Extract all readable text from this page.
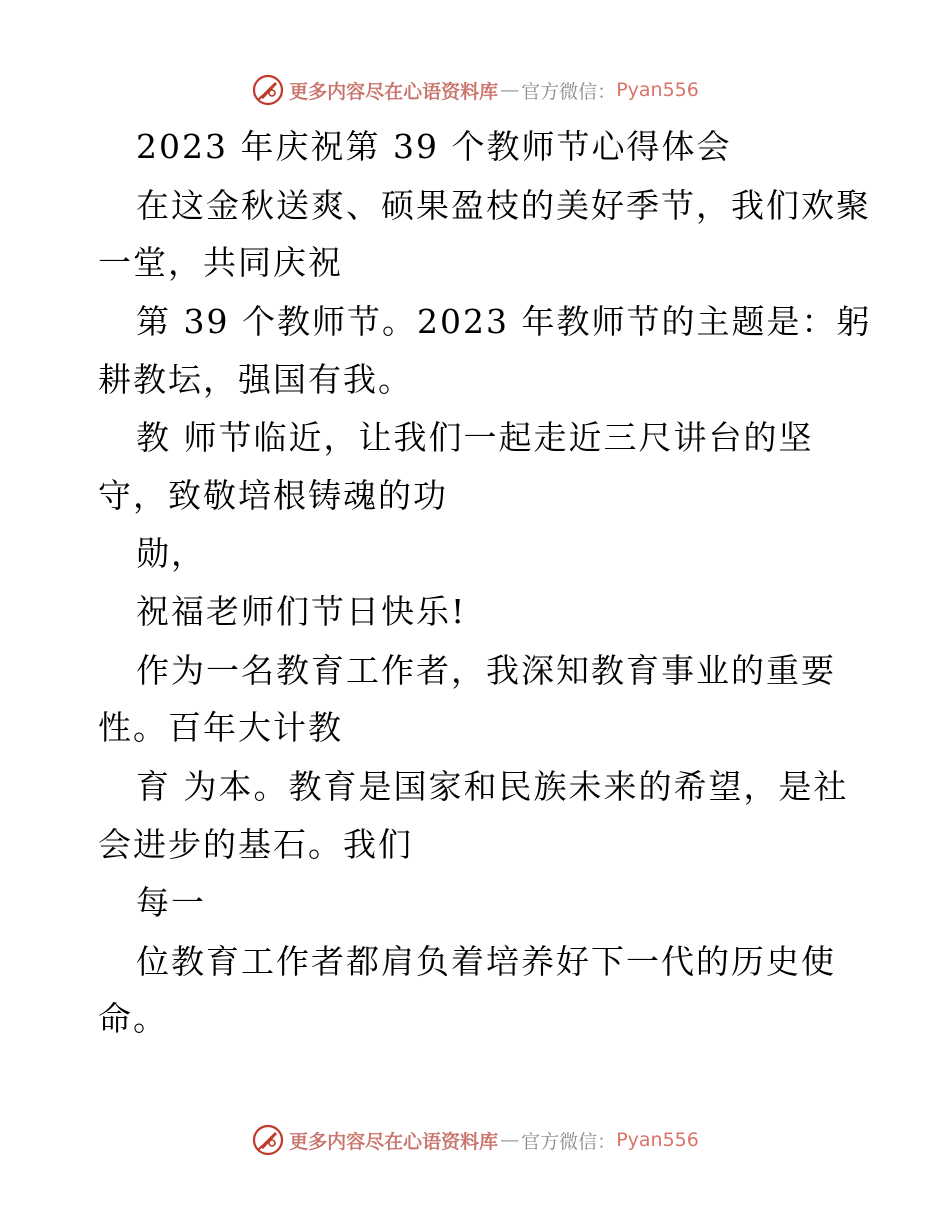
更多内容尽在心语资料库 — 官方微信： Pyan556
2023 年庆祝第 39 个教师节心得体会
在这金秋送爽、硕果盈枝的美好季节，我们欢聚
一堂，共同庆祝
第 39 个教师节。2023 年教师节的主题是：躬
耕教坛，强国有我。
教 师节临近，让我们一起走近三尺讲台的坚
守，致敬培根铸魂的功
勋，
祝福老师们节日快乐!
作为一名教育工作者，我深知教育事业的重要
性。百年大计教
育 为本。教育是国家和民族未来的希望，是社
会进步的基石。我们
每一
位教育工作者都肩负着培养好下一代的历史使
命。
更多内容尽在心语资料库 — 官方微信： Pyan556
